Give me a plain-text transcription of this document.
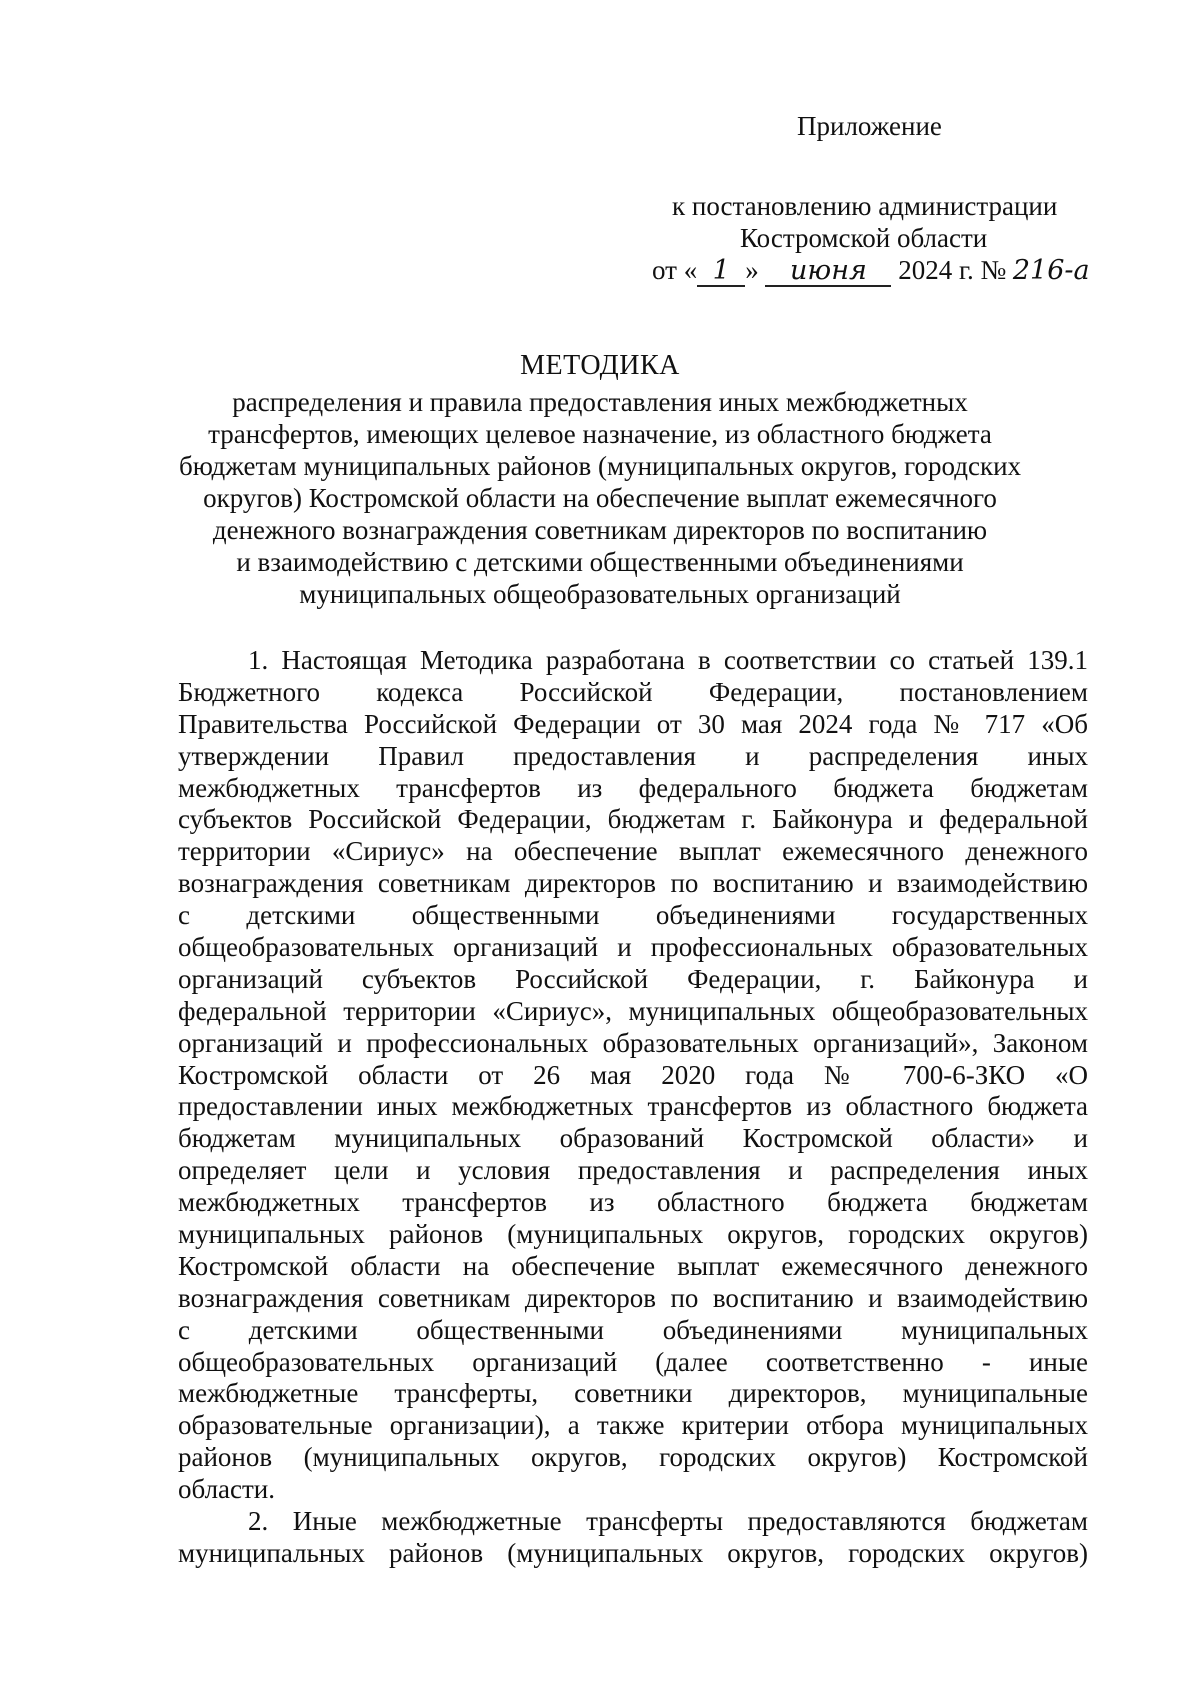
Приложение
к постановлению администрации
Костромской области
от « 1 » июня 2024 г. № 216-а
МЕТОДИКА
распределения и правила предоставления иных межбюджетных
трансфертов, имеющих целевое назначение, из областного бюджета
бюджетам муниципальных районов (муниципальных округов, городских
округов) Костромской области на обеспечение выплат ежемесячного
денежного вознаграждения советникам директоров по воспитанию
и взаимодействию с детскими общественными объединениями
муниципальных общеобразовательных организаций
1. Настоящая Методика разработана в соответствии со статьей 139.1
Бюджетного кодекса Российской Федерации, постановлением
Правительства Российской Федерации от 30 мая 2024 года № 717 «Об
утверждении Правил предоставления и распределения иных
межбюджетных трансфертов из федерального бюджета бюджетам
субъектов Российской Федерации, бюджетам г. Байконура и федеральной
территории «Сириус» на обеспечение выплат ежемесячного денежного
вознаграждения советникам директоров по воспитанию и взаимодействию
с детскими общественными объединениями государственных
общеобразовательных организаций и профессиональных образовательных
организаций субъектов Российской Федерации, г. Байконура и
федеральной территории «Сириус», муниципальных общеобразовательных
организаций и профессиональных образовательных организаций», Законом
Костромской области от 26 мая 2020 года № 700-6-ЗКО «О
предоставлении иных межбюджетных трансфертов из областного бюджета
бюджетам муниципальных образований Костромской области» и
определяет цели и условия предоставления и распределения иных
межбюджетных трансфертов из областного бюджета бюджетам
муниципальных районов (муниципальных округов, городских округов)
Костромской области на обеспечение выплат ежемесячного денежного
вознаграждения советникам директоров по воспитанию и взаимодействию
с детскими общественными объединениями муниципальных
общеобразовательных организаций (далее соответственно - иные
межбюджетные трансферты, советники директоров, муниципальные
образовательные организации), а также критерии отбора муниципальных
районов (муниципальных округов, городских округов) Костромской
области.
2. Иные межбюджетные трансферты предоставляются бюджетам
муниципальных районов (муниципальных округов, городских округов)
